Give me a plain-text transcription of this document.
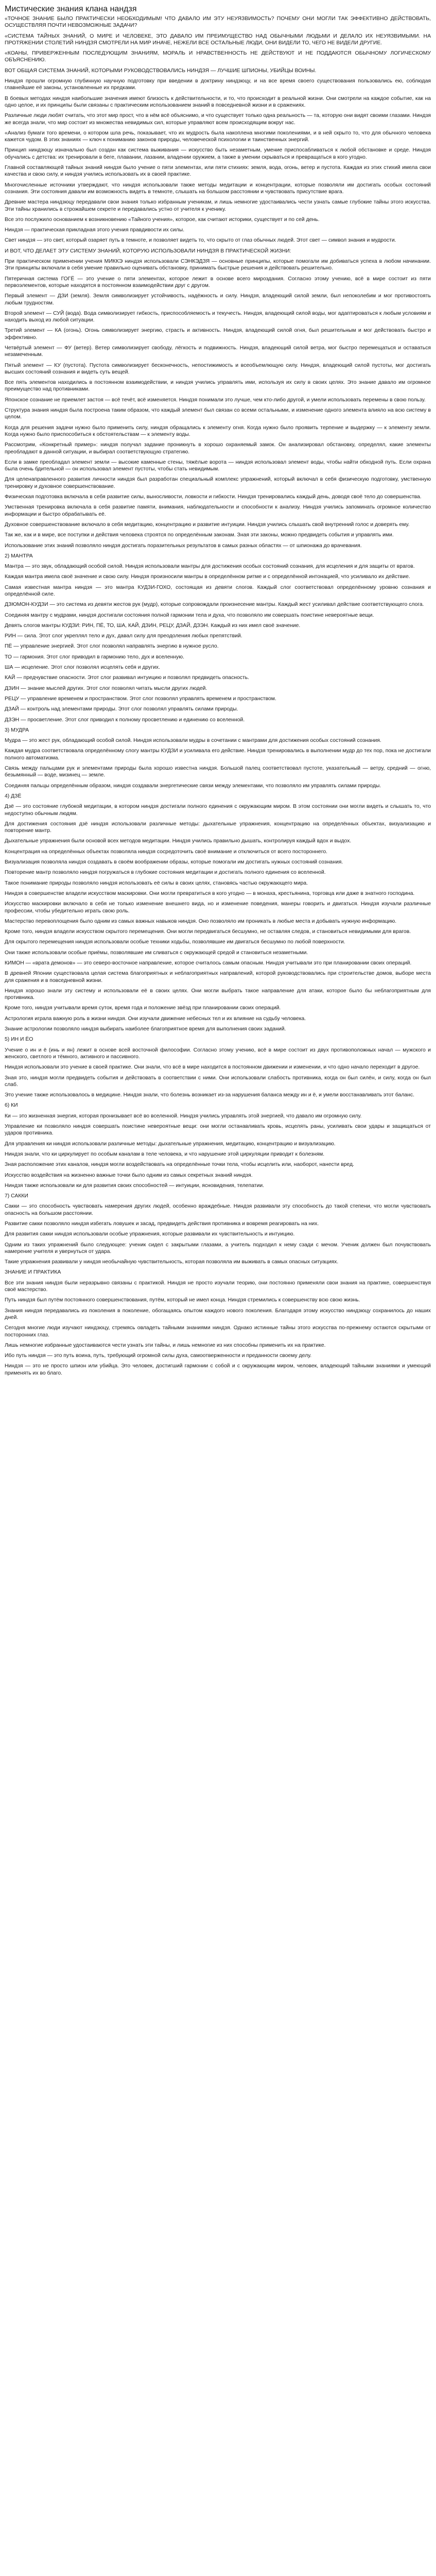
Мистические знания клана нандзя

«ТОЧНОЕ ЗНАНИЕ БЫЛО ПРАКТИЧЕСКИ НЕОБХОДИМЫМ! ЧТО ДАВАЛО ИМ ЭТУ НЕУЯЗВИМОСТЬ? ПОЧЕМУ ОНИ МОГЛИ ТАК ЭФФЕКТИВНО ДЕЙСТВОВАТЬ, ОСУЩЕСТВЛЯЯ ПОЧТИ НЕВОЗМОЖНЫЕ ЗАДАЧИ?

«СИСТЕМА ТАЙНЫХ ЗНАНИЙ, О МИРЕ И ЧЕЛОВЕКЕ, ЭТО ДАВАЛО ИМ ПРЕИМУЩЕСТВО НАД ОБЫЧНЫМИ ЛЮДЬМИ И ДЕЛАЛО ИХ НЕУЯЗВИМЫМИ. НА ПРОТЯЖЕНИИ СТОЛЕТИЙ НИНДЗЯ СМОТРЕЛИ НА МИР ИНАЧЕ, НЕЖЕЛИ ВСЕ ОСТАЛЬНЫЕ ЛЮДИ, ОНИ ВИДЕЛИ ТО, ЧЕГО НЕ ВИДЕЛИ ДРУГИЕ.

«КОАНЫ, ПРИВЕРЖЕННЫМ ПОСЛЕДУЮЩИМ ЗНАНИЯМ, МОРАЛЬ И НРАВСТВЕННОСТЬ НЕ ДЕЙСТВУЮТ И НЕ ПОДДАЮТСЯ ОБЫЧНОМУ ЛОГИЧЕСКОМУ ОБЪЯСНЕНИЮ.

ВОТ ОБЩАЯ СИСТЕМА ЗНАНИЙ, КОТОРЫМИ РУКОВОДСТВОВАЛИСЬ НИНДЗЯ — ЛУЧШИЕ ШПИОНЫ, УБИЙЦЫ ВОИНЫ.

Ниндзя прошли огромную глубинную научную подготовку при введении в доктрину ниндзюцу, и на все время своего существования пользовались ею, соблюдая главнейшие её законы, установленные их предками.

В боевых методах ниндзя наибольшие значения имеют близость к действительности, и то, что происходит в реальной жизни. Они смотрели на каждое событие, как на одно целое, и их принципы были связаны с практическим использованием знаний в повседневной жизни и в сражениях.

Различные люди любят считать, что этот мир прост, что в нём всё объяснимо, и что существует только одна реальность — та, которую они видят своими глазами. Ниндзя же всегда знали, что мир состоит из множества невидимых сил, которые управляют всем происходящим вокруг нас.

«Анализ бумаги того времени, о котором шла речь, показывает, что их мудрость была накоплена многими поколениями, и в ней скрыто то, что для обычного человека кажется чудом. В этих знаниях — ключ к пониманию законов природы, человеческой психологии и таинственных энергий.

Принцип ниндзюцу изначально был создан как система выживания — искусство быть незаметным, умение приспосабливаться к любой обстановке и среде. Ниндзя обучались с детства: их тренировали в беге, плавании, лазании, владении оружием, а также в умении скрываться и превращаться в кого угодно.

Главной составляющей тайных знаний ниндзя было учение о пяти элементах, или пяти стихиях: земля, вода, огонь, ветер и пустота. Каждая из этих стихий имела свои качества и свою силу, и ниндзя учились использовать их в своей практике.

Многочисленные источники утверждают, что ниндзя использовали также методы медитации и концентрации, которые позволяли им достигать особых состояний сознания. Эти состояния давали им возможность видеть в темноте, слышать на большом расстоянии и чувствовать присутствие врага.

Древние мастера ниндзюцу передавали свои знания только избранным ученикам, и лишь немногие удостаивались чести узнать самые глубокие тайны этого искусства. Эти тайны хранились в строжайшем секрете и передавались устно от учителя к ученику.

Все это послужило основанием к возникновению «Тайного учения», которое, как считают историки, существует и по сей день.

Ниндзя — практическая прикладная этого учения правдивости их силы.

Свет ниндзя — это свет, который озаряет путь в темноте, и позволяет видеть то, что скрыто от глаз обычных людей. Этот свет — символ знания и мудрости.

И ВОТ, ЧТО ДЕЛАЕТ ЭТУ СИСТЕМУ ЗНАНИЙ, КОТОРУЮ ИСПОЛЬЗОВАЛИ НИНДЗЯ В ПРАКТИЧЕСКОЙ ЖИЗНИ:

При практическом применении учения МИККЭ ниндзя использовали СЭНКЭДЗЯ — основные принципы, которые помогали им добиваться успеха в любом начинании. Эти принципы включали в себя умение правильно оценивать обстановку, принимать быстрые решения и действовать решительно.

Пятеричная система ГОГЁ — это учение о пяти элементах, которое лежит в основе всего мироздания. Согласно этому учению, всё в мире состоит из пяти первоэлементов, которые находятся в постоянном взаимодействии друг с другом.

Первый элемент — ДЗИ (земля). Земля символизирует устойчивость, надёжность и силу. Ниндзя, владеющий силой земли, был непоколебим и мог противостоять любым трудностям.

Второй элемент — СУЙ (вода). Вода символизирует гибкость, приспособляемость и текучесть. Ниндзя, владеющий силой воды, мог адаптироваться к любым условиям и находить выход из любой ситуации.

Третий элемент — КА (огонь). Огонь символизирует энергию, страсть и активность. Ниндзя, владеющий силой огня, был решительным и мог действовать быстро и эффективно.

Четвёртый элемент — ФУ (ветер). Ветер символизирует свободу, лёгкость и подвижность. Ниндзя, владеющий силой ветра, мог быстро перемещаться и оставаться незамеченным.

Пятый элемент — КУ (пустота). Пустота символизирует бесконечность, непостижимость и всеобъемлющую силу. Ниндзя, владеющий силой пустоты, мог достигать высших состояний сознания и видеть суть вещей.

Все пять элементов находились в постоянном взаимодействии, и ниндзя учились управлять ими, используя их силу в своих целях. Это знание давало им огромное преимущество над противниками.

Японское сознание не приемлет застоя — всё течёт, всё изменяется. Ниндзя понимали это лучше, чем кто-либо другой, и умели использовать перемены в свою пользу.

Структура знания ниндзя была построена таким образом, что каждый элемент был связан со всеми остальными, и изменение одного элемента влияло на всю систему в целом.

Когда для решения задачи нужно было применить силу, ниндзя обращались к элементу огня. Когда нужно было проявить терпение и выдержку — к элементу земли. Когда нужно было приспособиться к обстоятельствам — к элементу воды.

Рассмотрим, «Конкретный пример»: ниндзя получал задание проникнуть в хорошо охраняемый замок. Он анализировал обстановку, определял, какие элементы преобладают в данной ситуации, и выбирал соответствующую стратегию.

Если в замке преобладал элемент земли — высокие каменные стены, тяжёлые ворота — ниндзя использовал элемент воды, чтобы найти обходной путь. Если охрана была очень бдительной — он использовал элемент пустоты, чтобы стать невидимым.

Для целенаправленного развития личности ниндзя был разработан специальный комплекс упражнений, который включал в себя физическую подготовку, умственную тренировку и духовное совершенствование.

Физическая подготовка включала в себя развитие силы, выносливости, ловкости и гибкости. Ниндзя тренировались каждый день, доводя своё тело до совершенства.

Умственная тренировка включала в себя развитие памяти, внимания, наблюдательности и способности к анализу. Ниндзя учились запоминать огромное количество информации и быстро обрабатывать её.

Духовное совершенствование включало в себя медитацию, концентрацию и развитие интуиции. Ниндзя учились слышать свой внутренний голос и доверять ему.

Так же, как и в мире, все поступки и действия человека строятся по определённым законам. Зная эти законы, можно предвидеть события и управлять ими.

Использование этих знаний позволяло ниндзя достигать поразительных результатов в самых разных областях — от шпионажа до врачевания.

2) МАНТРА

Мантра — это звук, обладающий особой силой. Ниндзя использовали мантры для достижения особых состояний сознания, для исцеления и для защиты от врагов.

Каждая мантра имела своё значение и свою силу. Ниндзя произносили мантры в определённом ритме и с определённой интонацией, что усиливало их действие.

Самая известная мантра ниндзя — это мантра КУДЗИ-ГОХО, состоящая из девяти слогов. Каждый слог соответствовал определённому уровню сознания и определённой силе.

ДЗЮМОН-КУДЗИ — это система из девяти жестов рук (мудр), которые сопровождали произнесение мантры. Каждый жест усиливал действие соответствующего слога.

Соединяя мантру с мудрами, ниндзя достигали состояния полной гармонии тела и духа, что позволяло им совершать поистине невероятные вещи.

Девять слогов мантры КУДЗИ: РИН, ПЁ, ТО, ША, КАЙ, ДЗИН, РЕЦУ, ДЗАЙ, ДЗЭН. Каждый из них имел своё значение.

РИН — сила. Этот слог укреплял тело и дух, давал силу для преодоления любых препятствий.

ПЁ — управление энергией. Этот слог позволял направлять энергию в нужное русло.

ТО — гармония. Этот слог приводил в гармонию тело, дух и вселенную.

ША — исцеление. Этот слог позволял исцелять себя и других.

КАЙ — предчувствие опасности. Этот слог развивал интуицию и позволял предвидеть опасность.

ДЗИН — знание мыслей других. Этот слог позволял читать мысли других людей.

РЕЦУ — управление временем и пространством. Этот слог позволял управлять временем и пространством.

ДЗАЙ — контроль над элементами природы. Этот слог позволял управлять силами природы.

ДЗЭН — просветление. Этот слог приводил к полному просветлению и единению со вселенной.

3) МУДРА

Мудра — это жест рук, обладающий особой силой. Ниндзя использовали мудры в сочетании с мантрами для достижения особых состояний сознания.

Каждая мудра соответствовала определённому слогу мантры КУДЗИ и усиливала его действие. Ниндзя тренировались в выполнении мудр до тех пор, пока не достигали полного автоматизма.

Связь между пальцами рук и элементами природы была хорошо известна ниндзя. Большой палец соответствовал пустоте, указательный — ветру, средний — огню, безымянный — воде, мизинец — земле.

Соединяя пальцы определённым образом, ниндзя создавали энергетические связи между элементами, что позволяло им управлять силами природы.

4) ДЗЁ

Дзё — это состояние глубокой медитации, в котором ниндзя достигали полного единения с окружающим миром. В этом состоянии они могли видеть и слышать то, что недоступно обычным людям.

Для достижения состояния дзё ниндзя использовали различные методы: дыхательные упражнения, концентрацию на определённых объектах, визуализацию и повторение мантр.

Дыхательные упражнения были основой всех методов медитации. Ниндзя учились правильно дышать, контролируя каждый вдох и выдох.

Концентрация на определённых объектах позволяла ниндзя сосредоточить своё внимание и отключиться от всего постороннего.

Визуализация позволяла ниндзя создавать в своём воображении образы, которые помогали им достигать нужных состояний сознания.

Повторение мантр позволяло ниндзя погружаться в глубокие состояния медитации и достигать полного единения со вселенной.

Такое понимание природы позволяло ниндзя использовать её силы в своих целях, становясь частью окружающего мира.

Ниндзя в совершенстве владели искусством маскировки. Они могли превратиться в кого угодно — в монаха, крестьянина, торговца или даже в знатного господина.

Искусство маскировки включало в себя не только изменение внешнего вида, но и изменение поведения, манеры говорить и двигаться. Ниндзя изучали различные профессии, чтобы убедительно играть свою роль.

Мастерство перевоплощения было одним из самых важных навыков ниндзя. Оно позволяло им проникать в любые места и добывать нужную информацию.

Кроме того, ниндзя владели искусством скрытого перемещения. Они могли передвигаться бесшумно, не оставляя следов, и становиться невидимыми для врагов.

Для скрытого перемещения ниндзя использовали особые техники ходьбы, позволявшие им двигаться бесшумно по любой поверхности.

Они также использовали особые приёмы, позволявшие им сливаться с окружающей средой и становиться незаметными.

КИМОН — «врата демонов» — это северо-восточное направление, которое считалось самым опасным. Ниндзя учитывали это при планировании своих операций.

В древней Японии существовала целая система благоприятных и неблагоприятных направлений, которой руководствовались при строительстве домов, выборе места для сражения и в повседневной жизни.

Ниндзя хорошо знали эту систему и использовали её в своих целях. Они могли выбрать такое направление для атаки, которое было бы неблагоприятным для противника.

Кроме того, ниндзя учитывали время суток, время года и положение звёзд при планировании своих операций.

Астрология играла важную роль в жизни ниндзя. Они изучали движение небесных тел и их влияние на судьбу человека.

Знание астрологии позволяло ниндзя выбирать наиболее благоприятное время для выполнения своих заданий.

5) ИН И ЁО

Учение о ин и ё (инь и ян) лежит в основе всей восточной философии. Согласно этому учению, всё в мире состоит из двух противоположных начал — мужского и женского, светлого и тёмного, активного и пассивного.

Ниндзя использовали это учение в своей практике. Они знали, что всё в мире находится в постоянном движении и изменении, и что одно начало переходит в другое.

Зная это, ниндзя могли предвидеть события и действовать в соответствии с ними. Они использовали слабость противника, когда он был силён, и силу, когда он был слаб.

Это учение также использовалось в медицине. Ниндзя знали, что болезнь возникает из-за нарушения баланса между ин и ё, и умели восстанавливать этот баланс.

6) КИ

Ки — это жизненная энергия, которая пронизывает всё во вселенной. Ниндзя учились управлять этой энергией, что давало им огромную силу.

Управление ки позволяло ниндзя совершать поистине невероятные вещи: они могли останавливать кровь, исцелять раны, усиливать свои удары и защищаться от ударов противника.

Для управления ки ниндзя использовали различные методы: дыхательные упражнения, медитацию, концентрацию и визуализацию.

Ниндзя знали, что ки циркулирует по особым каналам в теле человека, и что нарушение этой циркуляции приводит к болезням.

Зная расположение этих каналов, ниндзя могли воздействовать на определённые точки тела, чтобы исцелить или, наоборот, нанести вред.

Искусство воздействия на жизненно важные точки было одним из самых секретных знаний ниндзя.

Ниндзя также использовали ки для развития своих способностей — интуиции, ясновидения, телепатии.

7) САККИ

Сакки — это способность чувствовать намерения других людей, особенно враждебные. Ниндзя развивали эту способность до такой степени, что могли чувствовать опасность на большом расстоянии.

Развитие сакки позволяло ниндзя избегать ловушек и засад, предвидеть действия противника и вовремя реагировать на них.

Для развития сакки ниндзя использовали особые упражнения, которые развивали их чувствительность и интуицию.

Одним из таких упражнений было следующее: ученик сидел с закрытыми глазами, а учитель подходил к нему сзади с мечом. Ученик должен был почувствовать намерение учителя и увернуться от удара.

Такие упражнения развивали у ниндзя необычайную чувствительность, которая позволяла им выживать в самых опасных ситуациях.

ЗНАНИЕ И ПРАКТИКА

Все эти знания ниндзя были неразрывно связаны с практикой. Ниндзя не просто изучали теорию, они постоянно применяли свои знания на практике, совершенствуя своё мастерство.

Путь ниндзя был путём постоянного совершенствования, путём, который не имел конца. Ниндзя стремились к совершенству всю свою жизнь.

Знания ниндзя передавались из поколения в поколение, обогащаясь опытом каждого нового поколения. Благодаря этому искусство ниндзюцу сохранилось до наших дней.

Сегодня многие люди изучают ниндзюцу, стремясь овладеть тайными знаниями ниндзя. Однако истинные тайны этого искусства по-прежнему остаются скрытыми от посторонних глаз.

Лишь немногие избранные удостаиваются чести узнать эти тайны, и лишь немногие из них способны применить их на практике.

Ибо путь ниндзя — это путь воина, путь, требующий огромной силы духа, самоотверженности и преданности своему делу.

Ниндзя — это не просто шпион или убийца. Это человек, достигший гармонии с собой и с окружающим миром, человек, владеющий тайными знаниями и умеющий применять их во благо.
